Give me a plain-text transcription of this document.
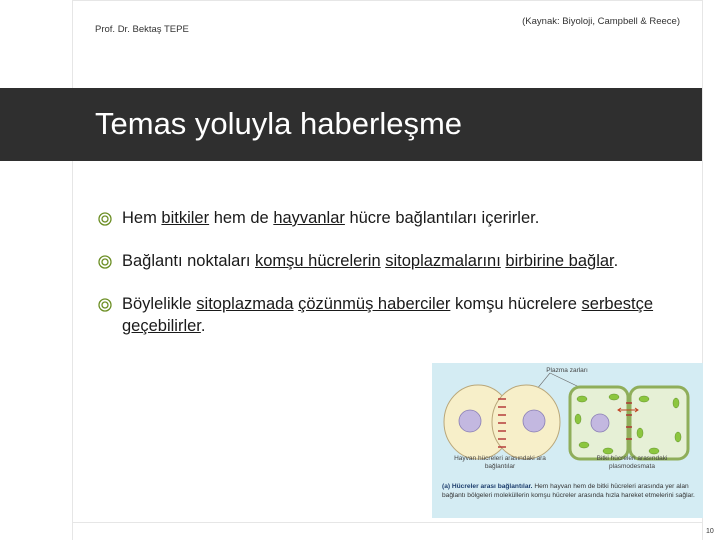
Prof. Dr. Bektaş TEPE
(Kaynak: Biyoloji, Campbell & Reece)
Temas yoluyla haberleşme
Hem bitkiler hem de hayvanlar hücre bağlantıları içerirler.
Bağlantı noktaları komşu hücrelerin sitoplazmalarını birbirine bağlar.
Böylelikle sitoplazmada çözünmüş haberciler komşu hücrelere serbestçe geçebilirler.
Plazma zarları
Hayvan hücreleri arasındaki ara bağlantılar
Bitki hücreleri arasındaki plasmodesmata
(a) Hücreler arası bağlantılar. Hem hayvan hem de bitki hücreleri arasında yer alan bağlantı bölgeleri moleküllerin komşu hücreler arasında hızla hareket etmelerini sağlar.
10
